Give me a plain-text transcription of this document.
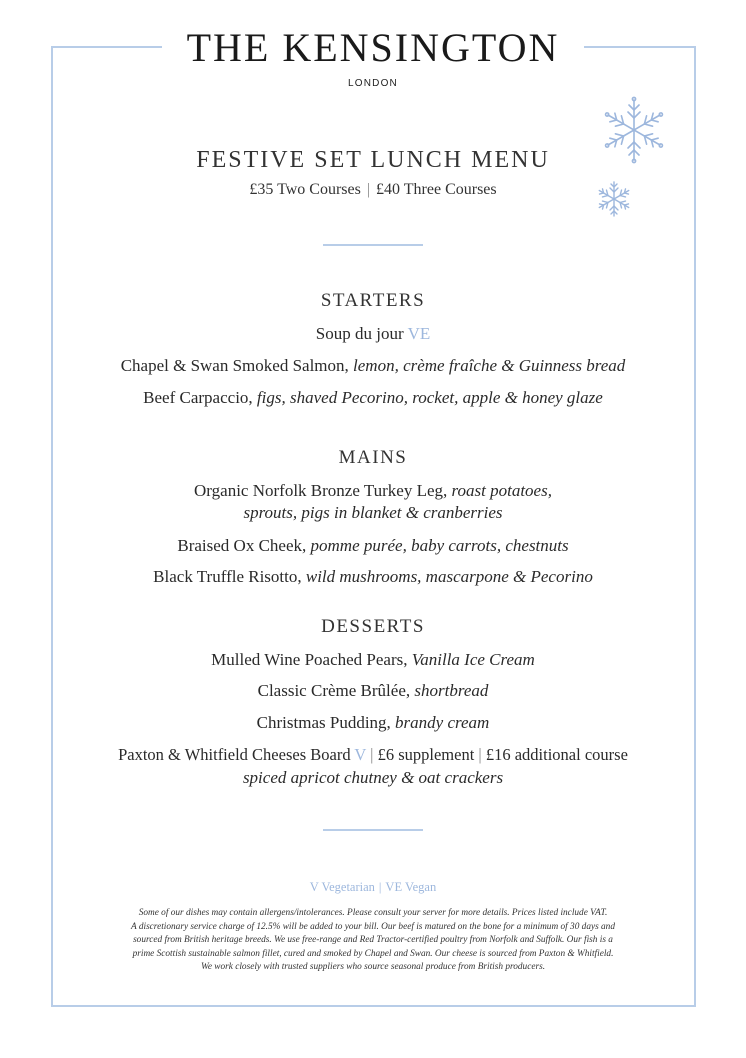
THE KENSINGTON
LONDON
FESTIVE SET LUNCH MENU
£35 Two Courses | £40 Three Courses
STARTERS
Soup du jour VE
Chapel & Swan Smoked Salmon, lemon, crème fraîche & Guinness bread
Beef Carpaccio, figs, shaved Pecorino, rocket, apple & honey glaze
MAINS
Organic Norfolk Bronze Turkey Leg, roast potatoes,
sprouts, pigs in blanket & cranberries
Braised Ox Cheek, pomme purée, baby carrots, chestnuts
Black Truffle Risotto, wild mushrooms, mascarpone & Pecorino
DESSERTS
Mulled Wine Poached Pears, Vanilla Ice Cream
Classic Crème Brûlée, shortbread
Christmas Pudding, brandy cream
Paxton & Whitfield Cheeses Board V | £6 supplement | £16 additional course
spiced apricot chutney & oat crackers
V Vegetarian | VE Vegan
Some of our dishes may contain allergens/intolerances. Please consult your server for more details. Prices listed include VAT.
A discretionary service charge of 12.5% will be added to your bill. Our beef is matured on the bone for a minimum of 30 days and
sourced from British heritage breeds. We use free-range and Red Tractor-certified poultry from Norfolk and Suffolk. Our fish is a
prime Scottish sustainable salmon fillet, cured and smoked by Chapel and Swan. Our cheese is sourced from Paxton & Whitfield.
We work closely with trusted suppliers who source seasonal produce from British producers.
